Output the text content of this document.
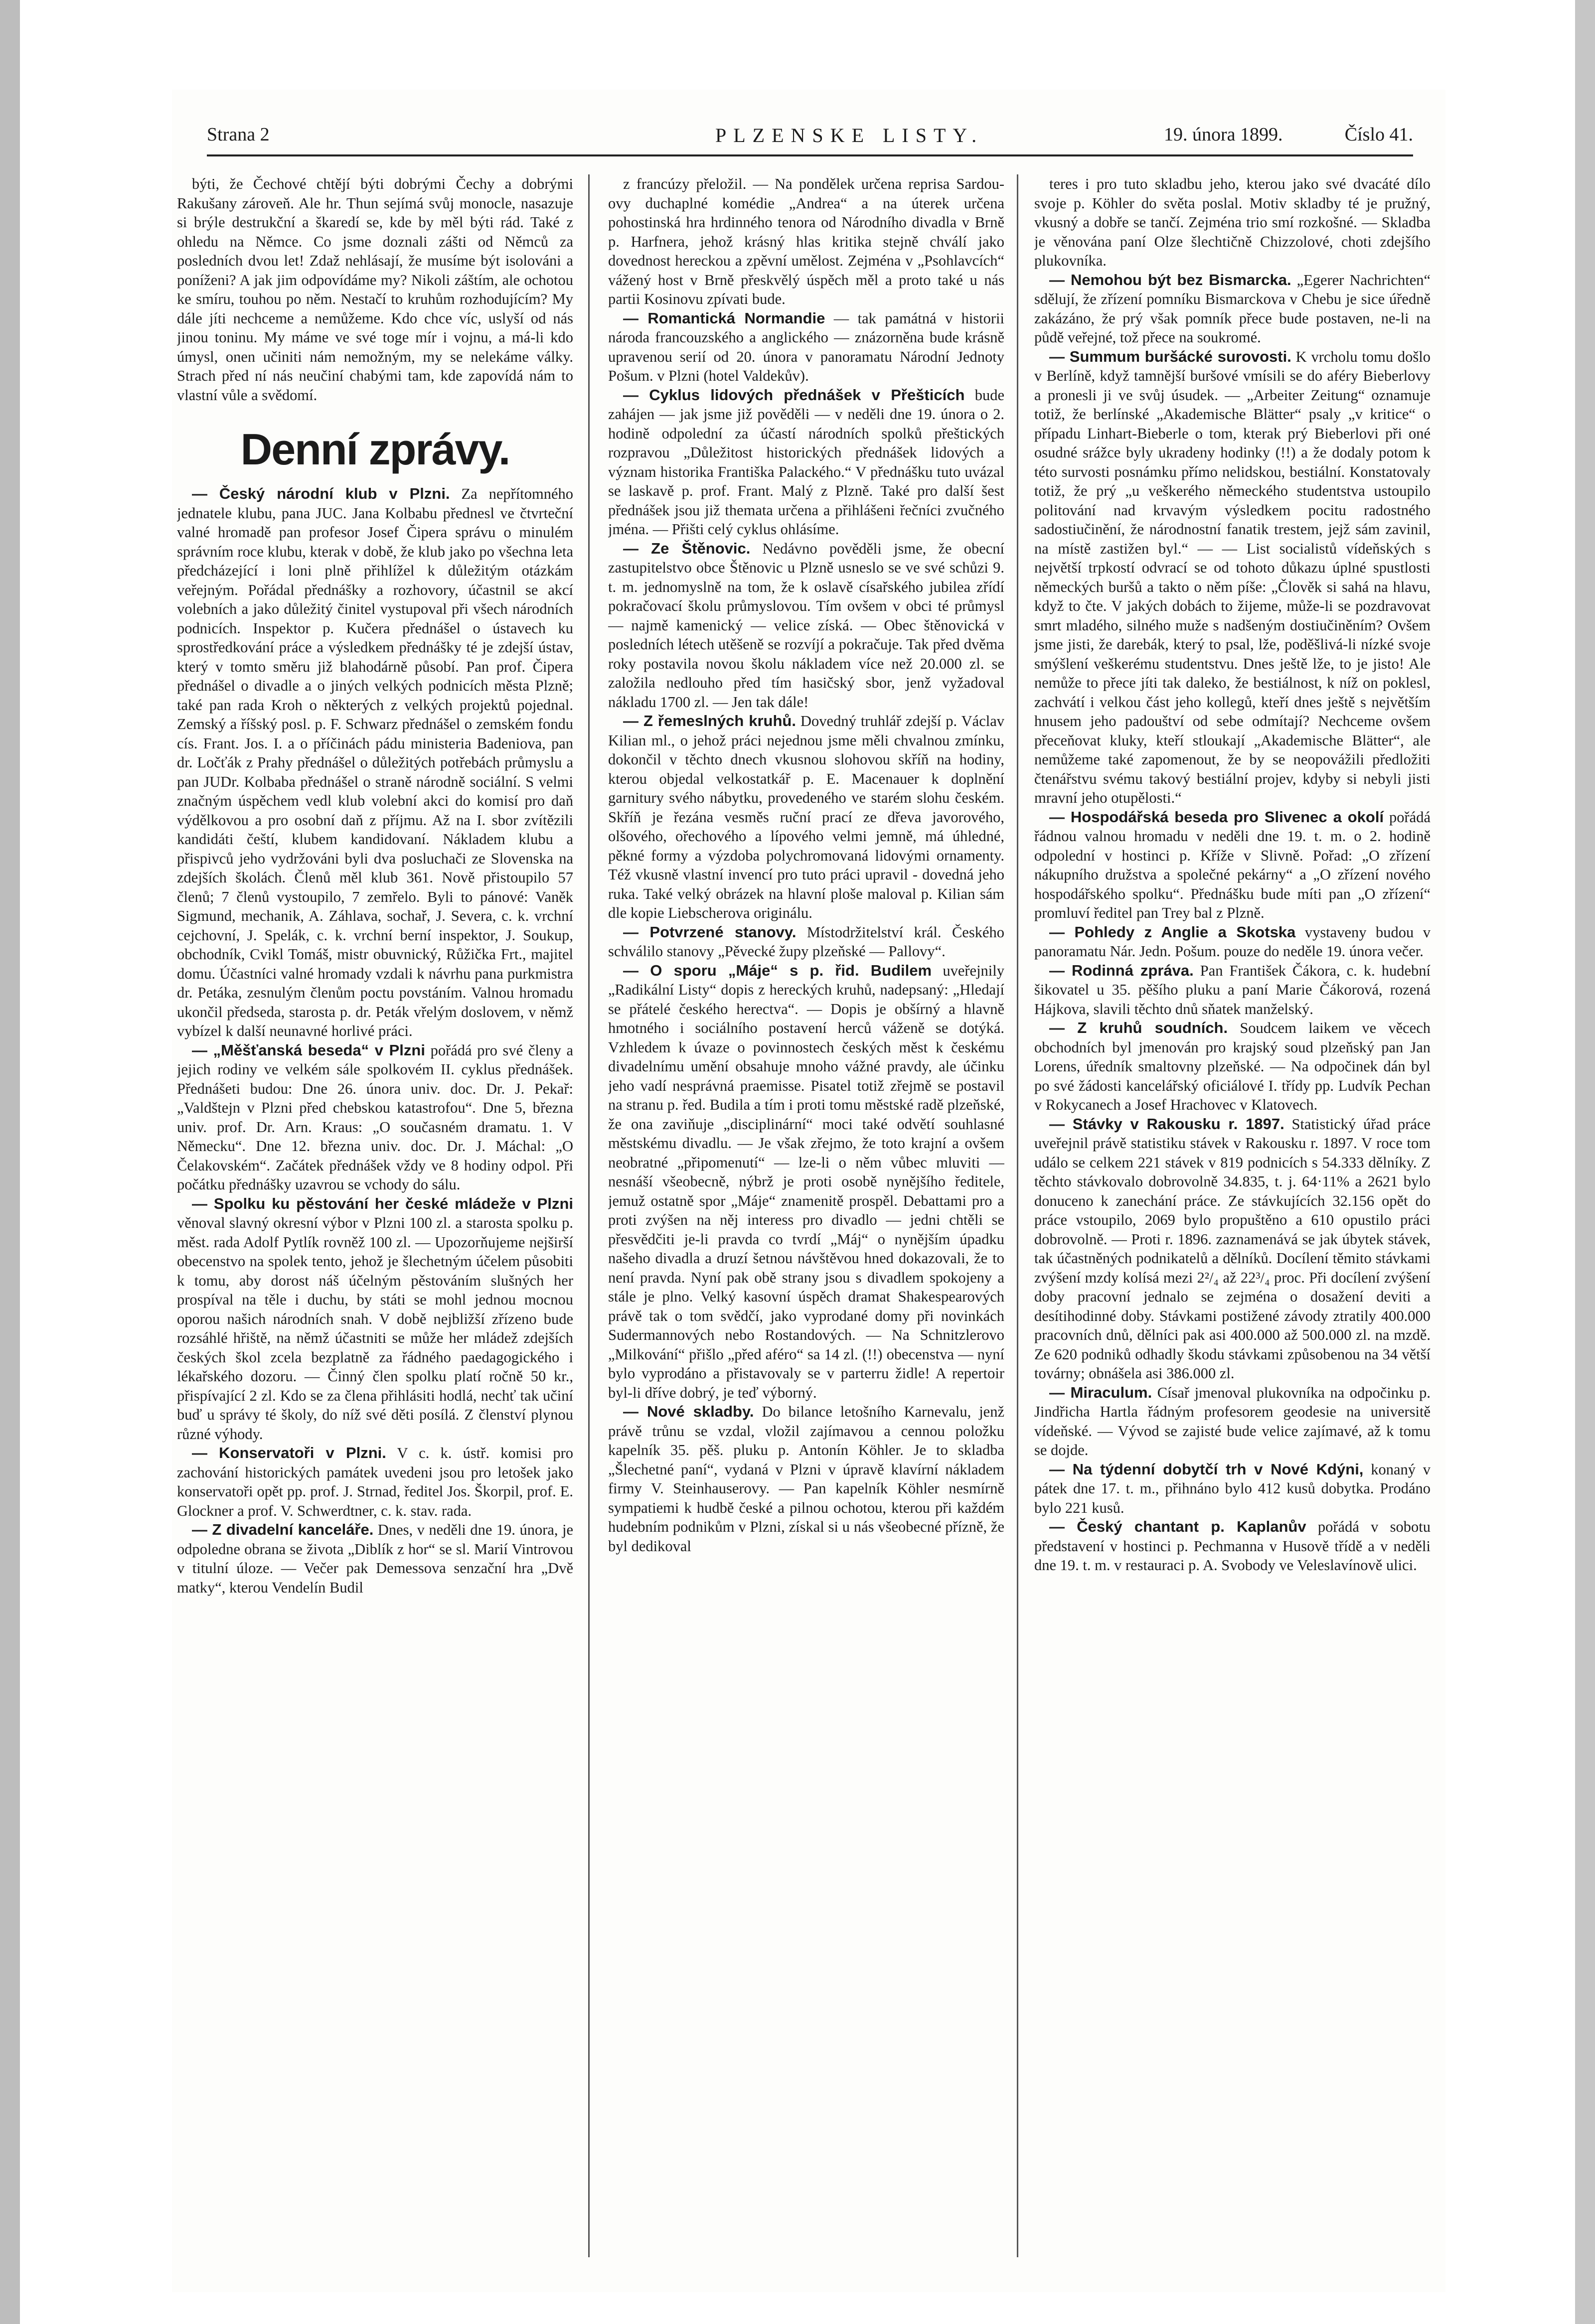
Strana 2	PLZENSKE LISTY.	19. února 1899.	Číslo 41.

býti, že Čechové chtějí býti dobrými Čechy a dobrými Rakušany zároveň. Ale hr. Thun sejímá svůj monocle, nasazuje si brýle destrukční a škaredí se, kde by měl býti rád. Také z ohledu na Němce. Co jsme doznali zášti od Němců za posledních dvou let! Zdaž nehlásají, že musíme být isolováni a poníženi? A jak jim odpovídáme my? Nikoli záštím, ale ochotou ke smíru, touhou po něm. Nestačí to kruhům rozhodujícím? My dále jíti nechceme a nemůžeme. Kdo chce víc, uslyší od nás jinou toninu. My máme ve své toge mír i vojnu, a má-li kdo úmysl, onen učiniti nám nemožným, my se nelekáme války. Strach před ní nás neučiní chabými tam, kde zapovídá nám to vlastní vůle a svědomí.

Denní zprávy.

— Český národní klub v Plzni. Za nepřítomného jednatele klubu, pana JUC. Jana Kolbabu přednesl ve čtvrteční valné hromadě pan profesor Josef Čipera správu o minulém správním roce klubu, kterak v době, že klub jako po všechna leta předcházející i loni plně přihlížel k důležitým otázkám veřejným. Pořádal přednášky a rozhovory, účastnil se akcí volebních a jako důležitý činitel vystupoval při všech národních podnicích. Inspektor p. Kučera přednášel o ústavech ku sprostředkování práce a výsledkem přednášky té je zdejší ústav, který v tomto směru již blahodárně působí. Pan prof. Čipera přednášel o divadle a o jiných velkých podnicích města Plzně; také pan rada Kroh o některých z velkých projektů pojednal. Zemský a říšský posl. p. F. Schwarz přednášel o zemském fondu cís. Frant. Jos. I. a o příčinách pádu ministeria Badeniova, pan dr. Ločťák z Prahy přednášel o důležitých potřebách průmyslu a pan JUDr. Kolbaba přednášel o straně národně sociální. S velmi značným úspěchem vedl klub volební akci do komisí pro daň výdělkovou a pro osobní daň z příjmu. Až na I. sbor zvítězili kandidáti čeští, klubem kandidovaní. Nákladem klubu a přispivců jeho vydržováni byli dva posluchači ze Slovenska na zdejších školách. Členů měl klub 361. Nově přistoupilo 57 členů; 7 členů vystoupilo, 7 zemřelo. Byli to pánové: Vaněk Sigmund, mechanik, A. Záhlava, sochař, J. Severa, c. k. vrchní cejchovní, J. Spelák, c. k. vrchní berní inspektor, J. Soukup, obchodník, Cvikl Tomáš, mistr obuvnický, Růžička Frt., majitel domu. Účastníci valné hromady vzdali k návrhu pana purkmistra dr. Petáka, zesnulým členům poctu povstáním. Valnou hromadu ukončil předseda, starosta p. dr. Peták vřelým doslovem, v němž vybízel k další neunavné horlivé práci.

— „Měšťanská beseda“ v Plzni pořádá pro své členy a jejich rodiny ve velkém sále spolkovém II. cyklus přednášek. Přednášeti budou: Dne 26. února univ. doc. Dr. J. Pekař: „Valdštejn v Plzni před chebskou katastrofou“. Dne 5, března univ. prof. Dr. Arn. Kraus: „O současném dramatu. 1. V Německu“. Dne 12. března univ. doc. Dr. J. Máchal: „O Čelakovském“. Začátek přednášek vždy ve 8 hodiny odpol. Při počátku přednášky uzavrou se vchody do sálu.

— Spolku ku pěstování her české mládeže v Plzni věnoval slavný okresní výbor v Plzni 100 zl. a starosta spolku p. měst. rada Adolf Pytlík rovněž 100 zl. — Upozorňujeme nejširší obecenstvo na spolek tento, jehož je šlechetným účelem působiti k tomu, aby dorost náš účelným pěstováním slušných her prospíval na těle i duchu, by státi se mohl jednou mocnou oporou našich národních snah. V době nejbližší zřízeno bude rozsáhlé hřiště, na němž účastniti se může her mládež zdejších českých škol zcela bezplatně za řádného paedagogického i lékařského dozoru. — Činný člen spolku platí ročně 50 kr., přispívající 2 zl. Kdo se za člena přihlásiti hodlá, nechť tak učiní buď u správy té školy, do níž své děti posílá. Z členství plynou různé výhody.

— Konservatoři v Plzni. V c. k. ústř. komisi pro zachování historických památek uvedeni jsou pro letošek jako konservatoři opět pp. prof. J. Strnad, ředitel Jos. Škorpil, prof. E. Glockner a prof. V. Schwerdtner, c. k. stav. rada.

— Z divadelní kanceláře. Dnes, v neděli dne 19. února, je odpoledne obrana se života „Diblík z hor“ se sl. Marií Vintrovou v titulní úloze. — Večer pak Demessova senzační hra „Dvě matky“, kterou Vendelín Budil

z francúzy přeložil. — Na pondělek určena reprisa Sardou-ovy duchaplné komédie „Andrea“ a na úterek určena pohostinská hra hrdinného tenora od Národního divadla v Brně p. Harfnera, jehož krásný hlas kritika stejně chválí jako dovednost hereckou a zpěvní umělost. Zejména v „Psohlavcích“ vážený host v Brně přeskvělý úspěch měl a proto také u nás partii Kosinovu zpívati bude.

— Romantická Normandie — tak památná v historii národa francouzského a anglického — znázorněna bude krásně upravenou serií od 20. února v panoramatu Národní Jednoty Pošum. v Plzni (hotel Valdekův).

— Cyklus lidových přednášek v Přešticích bude zahájen — jak jsme již pověděli — v neděli dne 19. února o 2. hodině odpolední za účastí národních spolků přeštických rozpravou „Důležitost historických přednášek lidových a význam historika Františka Palackého.“ V přednášku tuto uvázal se laskavě p. prof. Frant. Malý z Plzně. Také pro další šest přednášek jsou již themata určena a přihlášeni řečníci zvučného jména. — Přišti celý cyklus ohlásíme.

— Ze Štěnovic. Nedávno pověděli jsme, že obecní zastupitelstvo obce Štěnovic u Plzně usneslo se ve své schůzi 9. t. m. jednomyslně na tom, že k oslavě císařského jubilea zřídí pokračovací školu průmyslovou. Tím ovšem v obci té průmysl — najmě kamenický — velice získá. — Obec štěnovická v posledních létech utěšeně se rozvíjí a pokračuje. Tak před dvěma roky postavila novou školu nákladem více než 20.000 zl. se založila nedlouho před tím hasičský sbor, jenž vyžadoval nákladu 1700 zl. — Jen tak dále!

— Z řemeslných kruhů. Dovedný truhlář zdejší p. Václav Kilian ml., o jehož práci nejednou jsme měli chvalnou zmínku, dokončil v těchto dnech vkusnou slohovou skříň na hodiny, kterou objedal velkostatkář p. E. Macenauer k doplnění garnitury svého nábytku, provedeného ve starém slohu českém. Skříň je řezána vesměs ruční prací ze dřeva javorového, olšového, ořechového a lípového velmi jemně, má úhledné, pěkné formy a výzdoba polychromovaná lidovými ornamenty. Též vkusně vlastní invencí pro tuto práci upravil - dovedná jeho ruka. Také velký obrázek na hlavní ploše maloval p. Kilian sám dle kopie Liebscherova originálu.

— Potvrzené stanovy. Místodržitelství král. Českého schválilo stanovy „Pěvecké župy plzeňské — Pallovy“.

— O sporu „Máje“ s p. řid. Budilem uveřejnily „Radikální Listy“ dopis z hereckých kruhů, nadepsaný: „Hledají se přátelé českého herectva“. — Dopis je obšírný a hlavně hmotného i sociálního postavení herců váženě se dotýká. Vzhledem k úvaze o povinnostech českých měst k českému divadelnímu umění obsahuje mnoho vážné pravdy, ale účinku jeho vadí nesprávná praemisse. Pisatel totiž zřejmě se postavil na stranu p. řed. Budila a tím i proti tomu městské radě plzeňské, že ona zaviňuje „disciplinární“ moci také odvětí souhlasné městskému divadlu. — Je však zřejmo, že toto krajní a ovšem neobratné „připomenutí“ — lze-li o něm vůbec mluviti — nesnáší všeobecně, nýbrž je proti osobě nynějšího ředitele, jemuž ostatně spor „Máje“ znamenitě prospěl. Debattami pro a proti zvýšen na něj interess pro divadlo — jedni chtěli se přesvědčiti je-li pravda co tvrdí „Máj“ o nynějším úpadku našeho divadla a druzí šetnou návštěvou hned dokazovali, že to není pravda. Nyní pak obě strany jsou s divadlem spokojeny a stále je plno. Velký kasovní úspěch dramat Shakespearových právě tak o tom svědčí, jako vyprodané domy při novinkách Sudermannových nebo Rostandových. — Na Schnitzlerovo „Milkování“ přišlo „před aféro“ sa 14 zl. (!!) obecenstva — nyní bylo vyprodáno a přistavovaly se v parterru židle! A repertoir byl-li dříve dobrý, je teď výborný.

— Nové skladby. Do bilance letošního Karnevalu, jenž právě trůnu se vzdal, vložil zajímavou a cennou položku kapelník 35. pěš. pluku p. Antonín Köhler. Je to skladba „Šlechetné paní“, vydaná v Plzni v úpravě klavírní nákladem firmy V. Steinhauserovy. — Pan kapelník Köhler nesmírně sympatiemi k hudbě české a pilnou ochotou, kterou při každém hudebním podnikům v Plzni, získal si u nás všeobecné přízně, že byl dedikoval

teres i pro tuto skladbu jeho, kterou jako své dvacáté dílo svoje p. Köhler do světa poslal. Motiv skladby té je pružný, vkusný a dobře se tančí. Zejména trio smí rozkošné. — Skladba je věnována paní Olze šlechtičně Chizzolové, choti zdejšího plukovníka.

— Nemohou být bez Bismarcka. „Egerer Nachrichten“ sdělují, že zřízení pomníku Bismarckova v Chebu je sice úředně zakázáno, že prý však pomník přece bude postaven, ne-li na půdě veřejné, tož přece na soukromé.

— Summum buršácké surovosti. K vrcholu tomu došlo v Berlíně, když tamnější buršové vmísili se do aféry Bieberlovy a pronesli ji ve svůj úsudek. — „Arbeiter Zeitung“ oznamuje totiž, že berlínské „Akademische Blätter“ psaly „v kritice“ o případu Linhart-Bieberle o tom, kterak prý Bieberlovi při oné osudné srážce byly ukradeny hodinky (!!) a že dodaly potom k této survosti posnámku přímo nelidskou, bestiální. Konstatovaly totiž, že prý „u veškerého německého studentstva ustoupilo politování nad krvavým výsledkem pocitu radostného sadostiučinění, že národnostní fanatik trestem, jejž sám zavinil, na místě zastižen byl.“ — — List socialistů vídeňských s největší trpkostí odvrací se od tohoto důkazu úplné spustlosti německých buršů a takto o něm píše: „Člověk si sahá na hlavu, když to čte. V jakých dobách to žijeme, může-li se pozdravovat smrt mladého, silného muže s nadšeným dostiučiněním? Ovšem jsme jisti, že darebák, který to psal, lže, poděšlivá-li nízké svoje smýšlení veškerému studentstvu. Dnes ještě lže, to je jisto! Ale nemůže to přece jíti tak daleko, že bestiálnost, k níž on poklesl, zachvátí i velkou část jeho kollegů, kteří dnes ještě s největším hnusem jeho padouštví od sebe odmítají? Nechceme ovšem přeceňovat kluky, kteří stloukají „Akademische Blätter“, ale nemůžeme také zapomenout, že by se neopovážili předložiti čtenářstvu svému takový bestiální projev, kdyby si nebyli jisti mravní jeho otupělosti.“

— Hospodářská beseda pro Slivenec a okolí pořádá řádnou valnou hromadu v neděli dne 19. t. m. o 2. hodině odpolední v hostinci p. Kříže v Slivně. Pořad: „O zřízení nákupního družstva a společné pekárny“ a „O zřízení nového hospodářského spolku“. Přednášku bude míti pan „O zřízení“ promluví ředitel pan Trey bal z Plzně.

— Pohledy z Anglie a Skotska vystaveny budou v panoramatu Nár. Jedn. Pošum. pouze do neděle 19. února večer.

— Rodinná zpráva. Pan František Čákora, c. k. hudební šikovatel u 35. pěšího pluku a paní Marie Čákorová, rozená Hájkova, slavili těchto dnů sňatek manželský.

— Z kruhů soudních. Soudcem laikem ve věcech obchodních byl jmenován pro krajský soud plzeňský pan Jan Lorens, úředník smaltovny plzeňské. — Na odpočinek dán byl po své žádosti kancelářský oficiálové I. třídy pp. Ludvík Pechan v Rokycanech a Josef Hrachovec v Klatovech.

— Stávky v Rakousku r. 1897. Statistický úřad práce uveřejnil právě statistiku stávek v Rakousku r. 1897. V roce tom událo se celkem 221 stávek v 819 podnicích s 54.333 dělníky. Z těchto stávkovalo dobrovolně 34.835, t. j. 64·11% a 2621 bylo donuceno k zanechání práce. Ze stávkujících 32.156 opět do práce vstoupilo, 2069 bylo propuštěno a 610 opustilo práci dobrovolně. — Proti r. 1896. zaznamenává se jak úbytek stávek, tak účastněných podnikatelů a dělníků. Docílení těmito stávkami zvýšení mzdy kolísá mezi 2²/₄ až 22³/₄ proc. Při docílení zvýšení doby pracovní jednalo se zejména o dosažení deviti a desítihodinné doby. Stávkami postižené závody ztratily 400.000 pracovních dnů, dělníci pak asi 400.000 až 500.000 zl. na mzdě. Ze 620 podniků odhadly škodu stávkami způsobenou na 34 větší továrny; obnášela asi 386.000 zl.

— Miraculum. Císař jmenoval plukovníka na odpočinku p. Jindřicha Hartla řádným profesorem geodesie na universitě vídeňské. — Vývod se zajisté bude velice zajímavé, až k tomu se dojde.

— Na týdenní dobytčí trh v Nové Kdýni, konaný v pátek dne 17. t. m., přihnáno bylo 412 kusů dobytka. Prodáno bylo 221 kusů.

— Český chantant p. Kaplanův pořádá v sobotu představení v hostinci p. Pechmanna v Husově třídě a v neděli dne 19. t. m. v restauraci p. A. Svobody ve Veleslavínově ulici.
